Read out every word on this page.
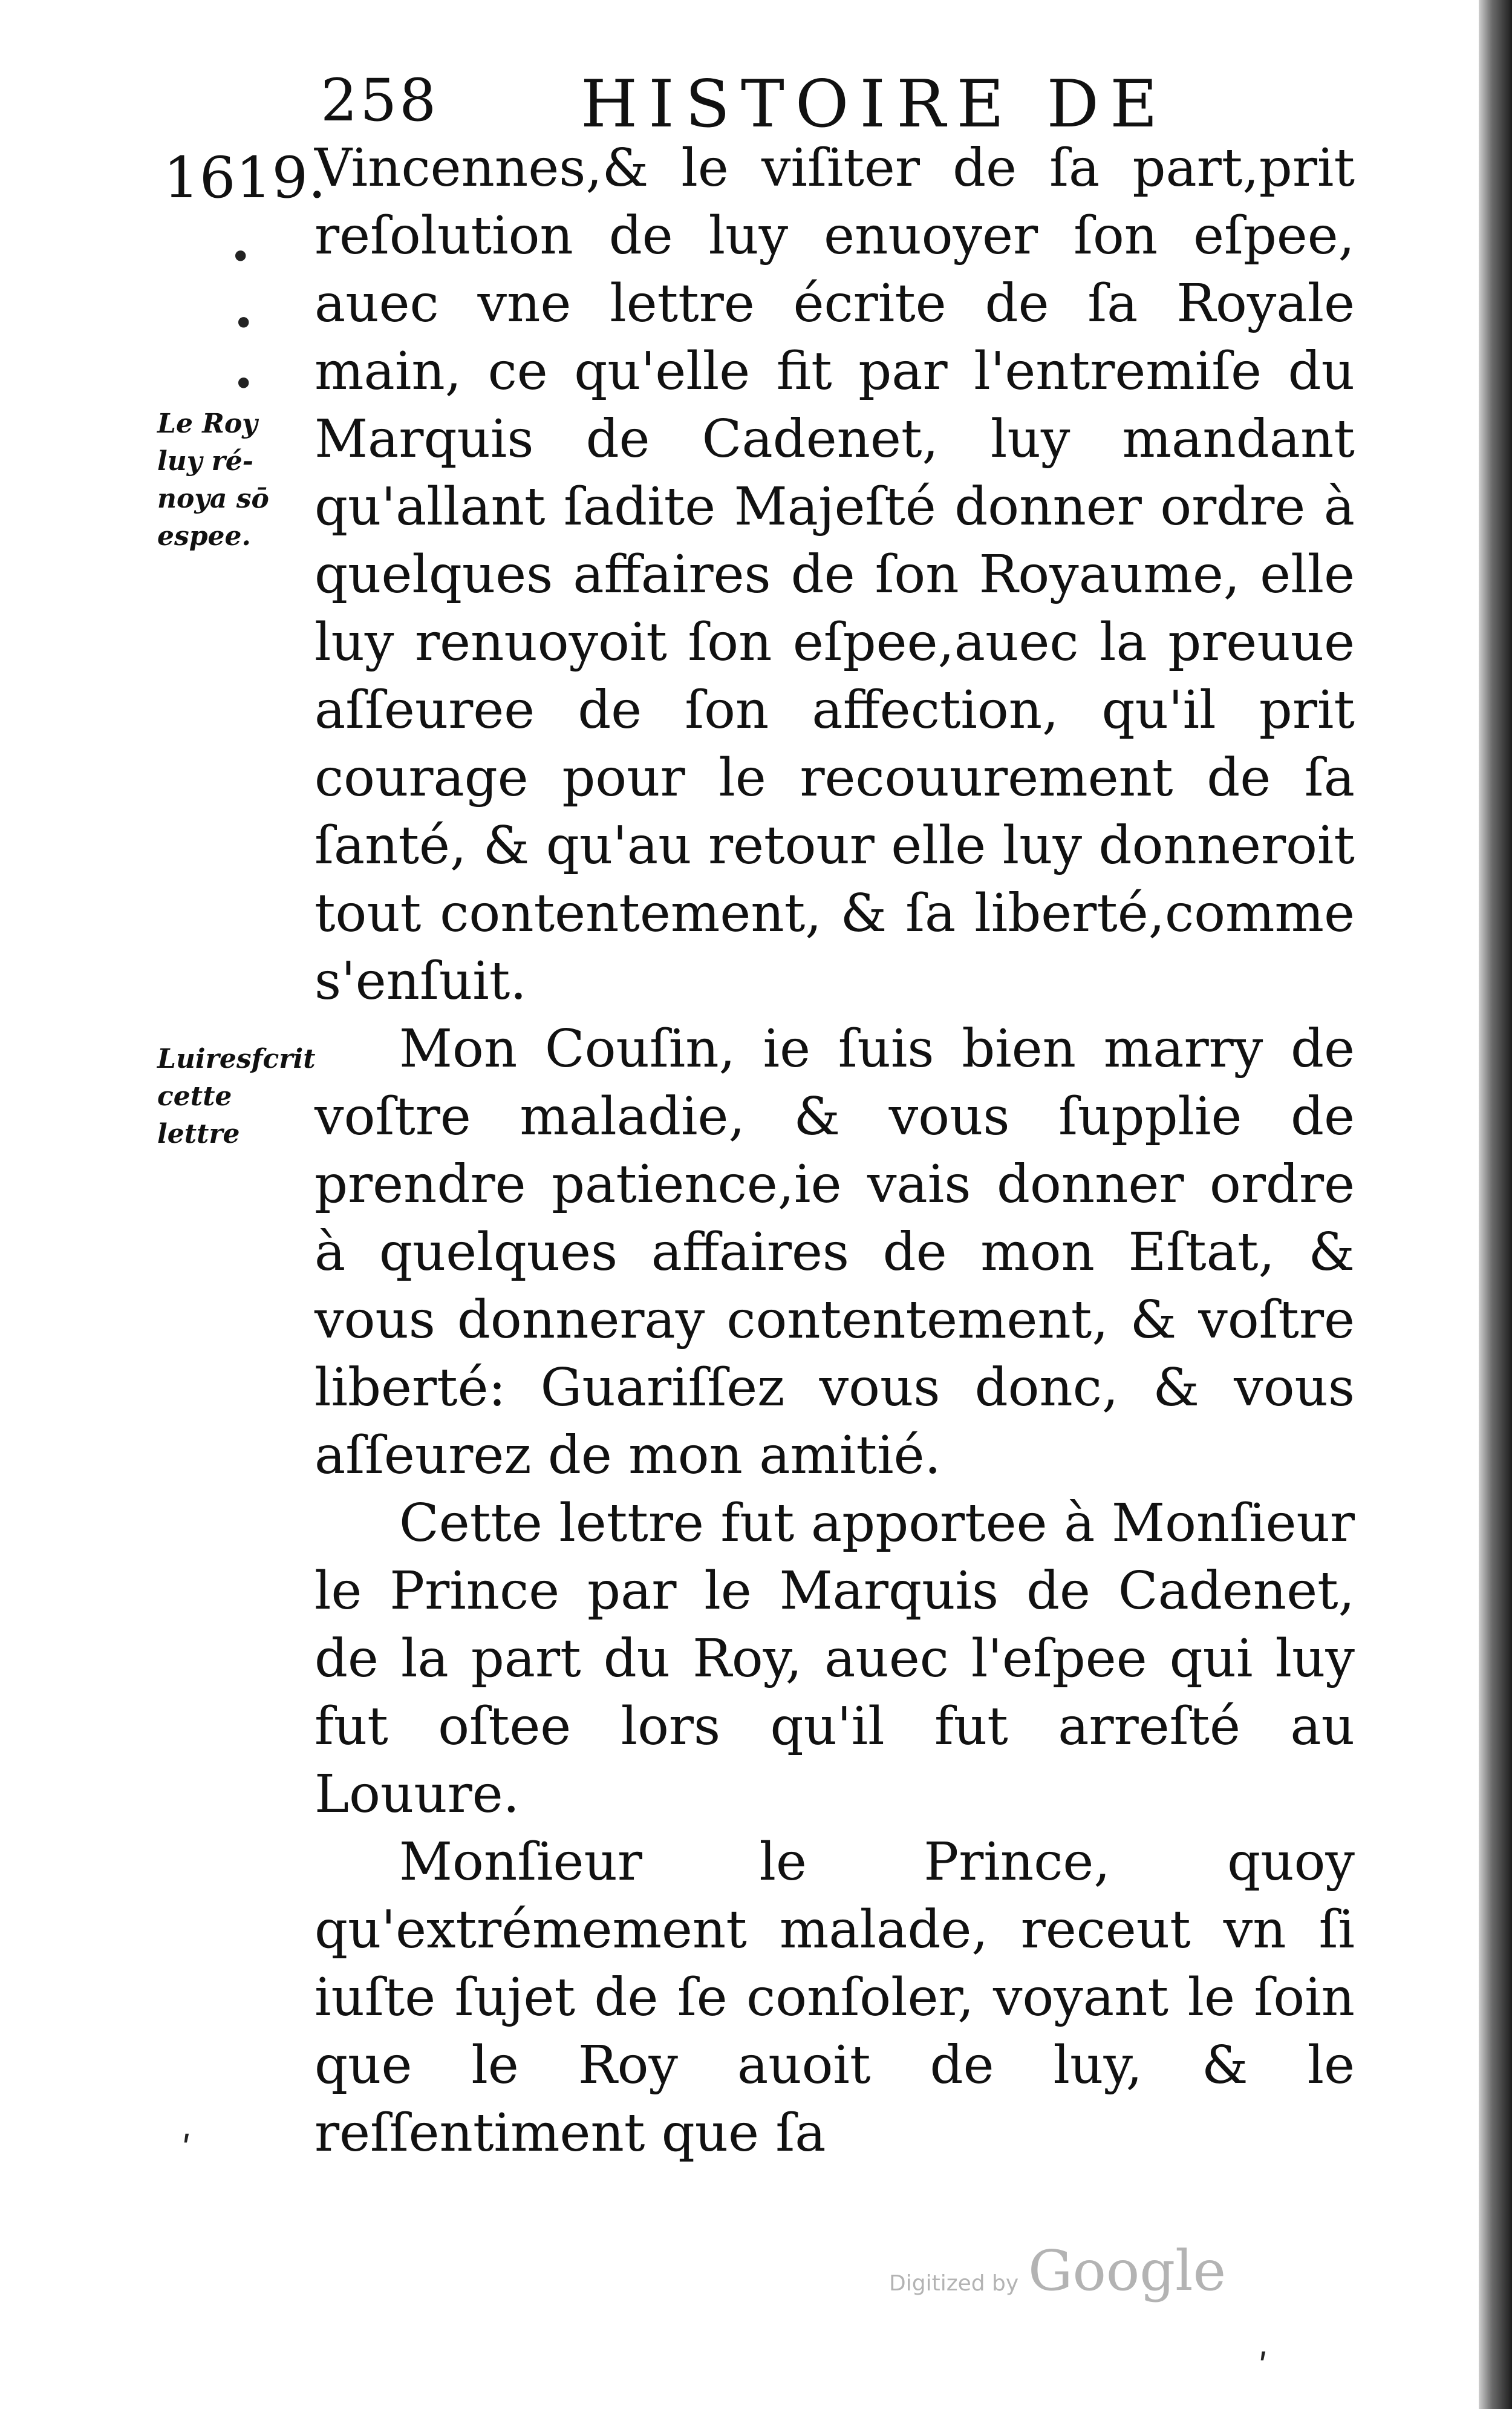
258 HISTOIRE DE
1619.
Le Roy luy ré-noya sō espee.
Luiresfcrit cette lettre

Vincennes,& le viſiter de ſa part,prit reſolution de luy enuoyer ſon eſpee, auec vne lettre écrite de ſa Royale main, ce qu'elle fit par l'entremiſe du Marquis de Cadenet, luy mandant qu'allant ſadite Majeſté donner ordre à quelques affaires de ſon Royaume, elle luy renuoyoit ſon eſpee,auec la preuue aſſeuree de ſon affection, qu'il prit courage pour le recouurement de ſa ſanté, & qu'au retour elle luy donneroit tout contentement, & ſa liberté,comme s'enſuit.

Mon Couſin, ie ſuis bien marry de voſtre maladie, & vous ſupplie de prendre patience,ie vais donner ordre à quelques affaires de mon Eſtat, & vous donneray contentement, & voſtre liberté: Guariſſez vous donc, & vous aſſeurez de mon amitié.

Cette lettre fut apportee à Monſieur le Prince par le Marquis de Cadenet, de la part du Roy, auec l'eſpee qui luy fut oſtee lors qu'il fut arreſté au Louure.

Monſieur le Prince, quoy qu'extrémement malade, receut vn ſi iuſte ſujet de ſe conſoler, voyant le ſoin que le Roy auoit de luy, & le reſſentiment que ſa

•
•
•
ʹ
ʹ
Digitized by Google
